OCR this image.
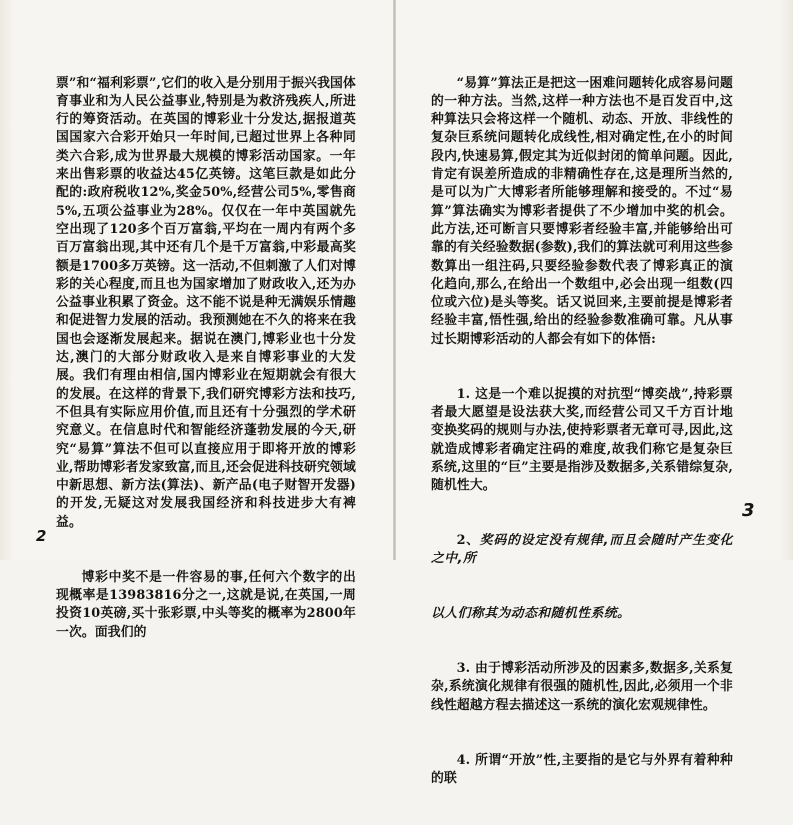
票”和“福利彩票”,它们的收入是分别用于振兴我国体育事业和为人民公益事业,特别是为救济残疾人,所进行的筹资活动。在英国的博彩业十分发达,据报道英国国家六合彩开始只一年时间,已超过世界上各种同类六合彩,成为世界最大规模的博彩活动国家。一年来出售彩票的收益达45亿英镑。这笔巨款是如此分配的:政府税收12%,奖金50%,经营公司5%,零售商5%,五项公益事业为28%。仅仅在一年中英国就先空出现了120多个百万富翁,平均在一周内有两个多百万富翁出现,其中还有几个是千万富翁,中彩最高奖额是1700多万英镑。这一活动,不但刺激了人们对博彩的关心程度,而且也为国家增加了财政收入,还为办公益事业积累了资金。这不能不说是种无满娱乐情趣和促进智力发展的活动。我预测她在不久的将来在我国也会逐渐发展起来。据说在澳门,博彩业也十分发达,澳门的大部分财政收入是来自博彩事业的大发展。我们有理由相信,国内博彩业在短期就会有很大的发展。在这样的背景下,我们研究博彩方法和技巧,不但具有实际应用价值,而且还有十分强烈的学术研究意义。在信息时代和智能经济蓬勃发展的今天,研究“易算”算法不但可以直接应用于即将开放的博彩业,帮助博彩者发家致富,而且,还会促进科技研究领域中新思想、新方法(算法)、新产品(电子财智开发器)的开发,无疑这对发展我国经济和科技进步大有裨益。

博彩中奖不是一件容易的事,任何六个数字的出现概率是13983816分之一,这就是说,在英国,一周投资10英磅,买十张彩票,中头等奖的概率为2800年一次。面我们的

2

“易算”算法正是把这一困难问题转化成容易问题的一种方法。当然,这样一种方法也不是百发百中,这种算法只会将这样一个随机、动态、开放、非线性的复杂巨系统问题转化成线性,相对确定性,在小的时间段内,快速易算,假定其为近似封闭的简单问题。因此,肯定有误差所造成的非精确性存在,这是理所当然的,是可以为广大博彩者所能够理解和接受的。不过“易算”算法确实为博彩者提供了不少增加中奖的机会。此方法,还可断言只要博彩者经验丰富,并能够给出可靠的有关经验数据(参数),我们的算法就可利用这些参数算出一组注码,只要经验参数代表了博彩真正的演化趋向,那么,在给出一个数组中,必会出现一组数(四位或六位)是头等奖。话又说回来,主要前提是博彩者经验丰富,悟性强,给出的经验参数准确可靠。凡从事过长期博彩活动的人都会有如下的体悟:

1. 这是一个难以捉摸的对抗型“博奕战”,持彩票者最大愿望是设法获大奖,而经营公司又千方百计地变换奖码的规则与办法,使持彩票者无章可寻,因此,这就造成博彩者确定注码的难度,故我们称它是复杂巨系统,这里的“巨”主要是指涉及数据多,关系错综复杂,随机性大。

2、奖码的设定没有规律,而且会随时产生变化之中,所

以人们称其为动态和随机性系统。

3. 由于博彩活动所涉及的因素多,数据多,关系复杂,系统演化规律有很强的随机性,因此,必须用一个非线性超越方程去描述这一系统的演化宏观规律性。

4. 所谓“开放”性,主要指的是它与外界有着种种的联

3
